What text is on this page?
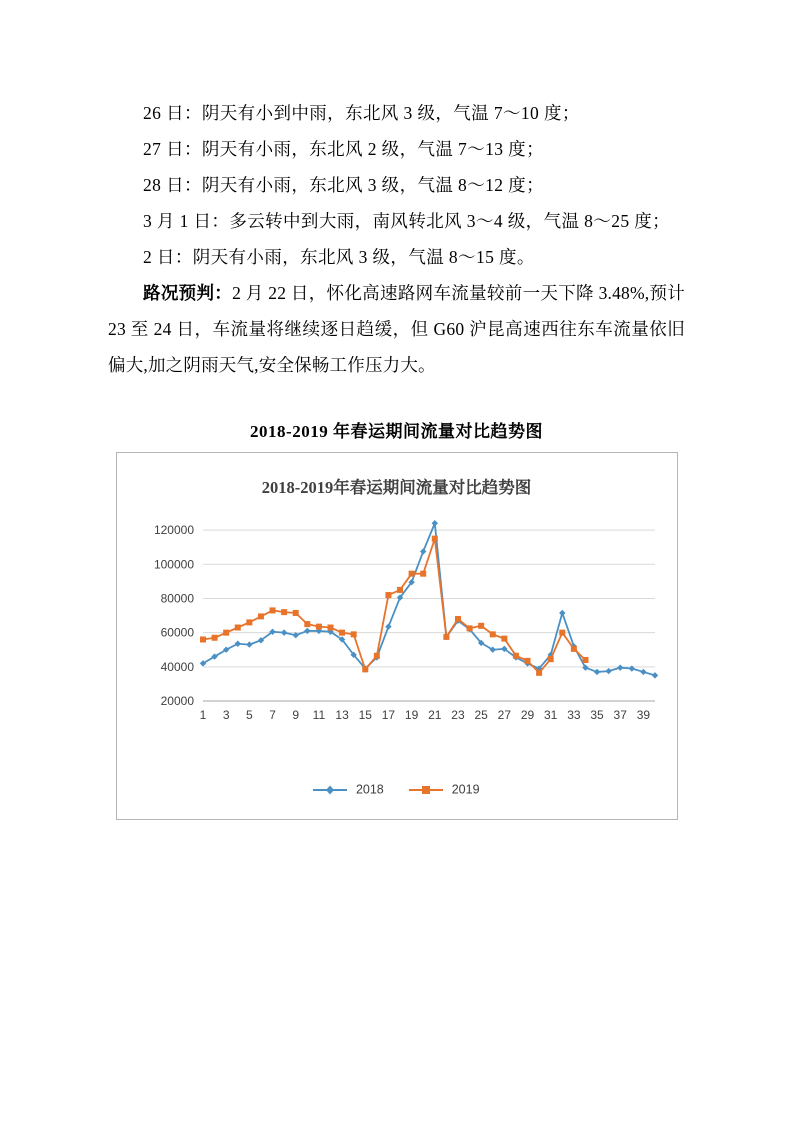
26 日：阴天有小到中雨，东北风 3 级，气温 7～10 度；

27 日：阴天有小雨，东北风 2 级，气温 7～13 度；

28 日：阴天有小雨，东北风 3 级，气温 8～12 度；

3 月 1 日：多云转中到大雨，南风转北风 3～4 级，气温 8～25 度；

2 日：阴天有小雨，东北风 3 级，气温 8～15 度。

路况预判：2 月 22 日，怀化高速路网车流量较前一天下降 3.48%,预计 23 至 24 日，车流量将继续逐日趋缓，但 G60 沪昆高速西往东车流量依旧偏大,加之阴雨天气,安全保畅工作压力大。

2018-2019 年春运期间流量对比趋势图
2018-2019年春运期间流量对比趋势图
20000
40000
60000
80000
100000
120000
1 3 5 7 9 11 13 15 17 19 21 23 25 27 29 31 33 35 37 39
2018	2019
